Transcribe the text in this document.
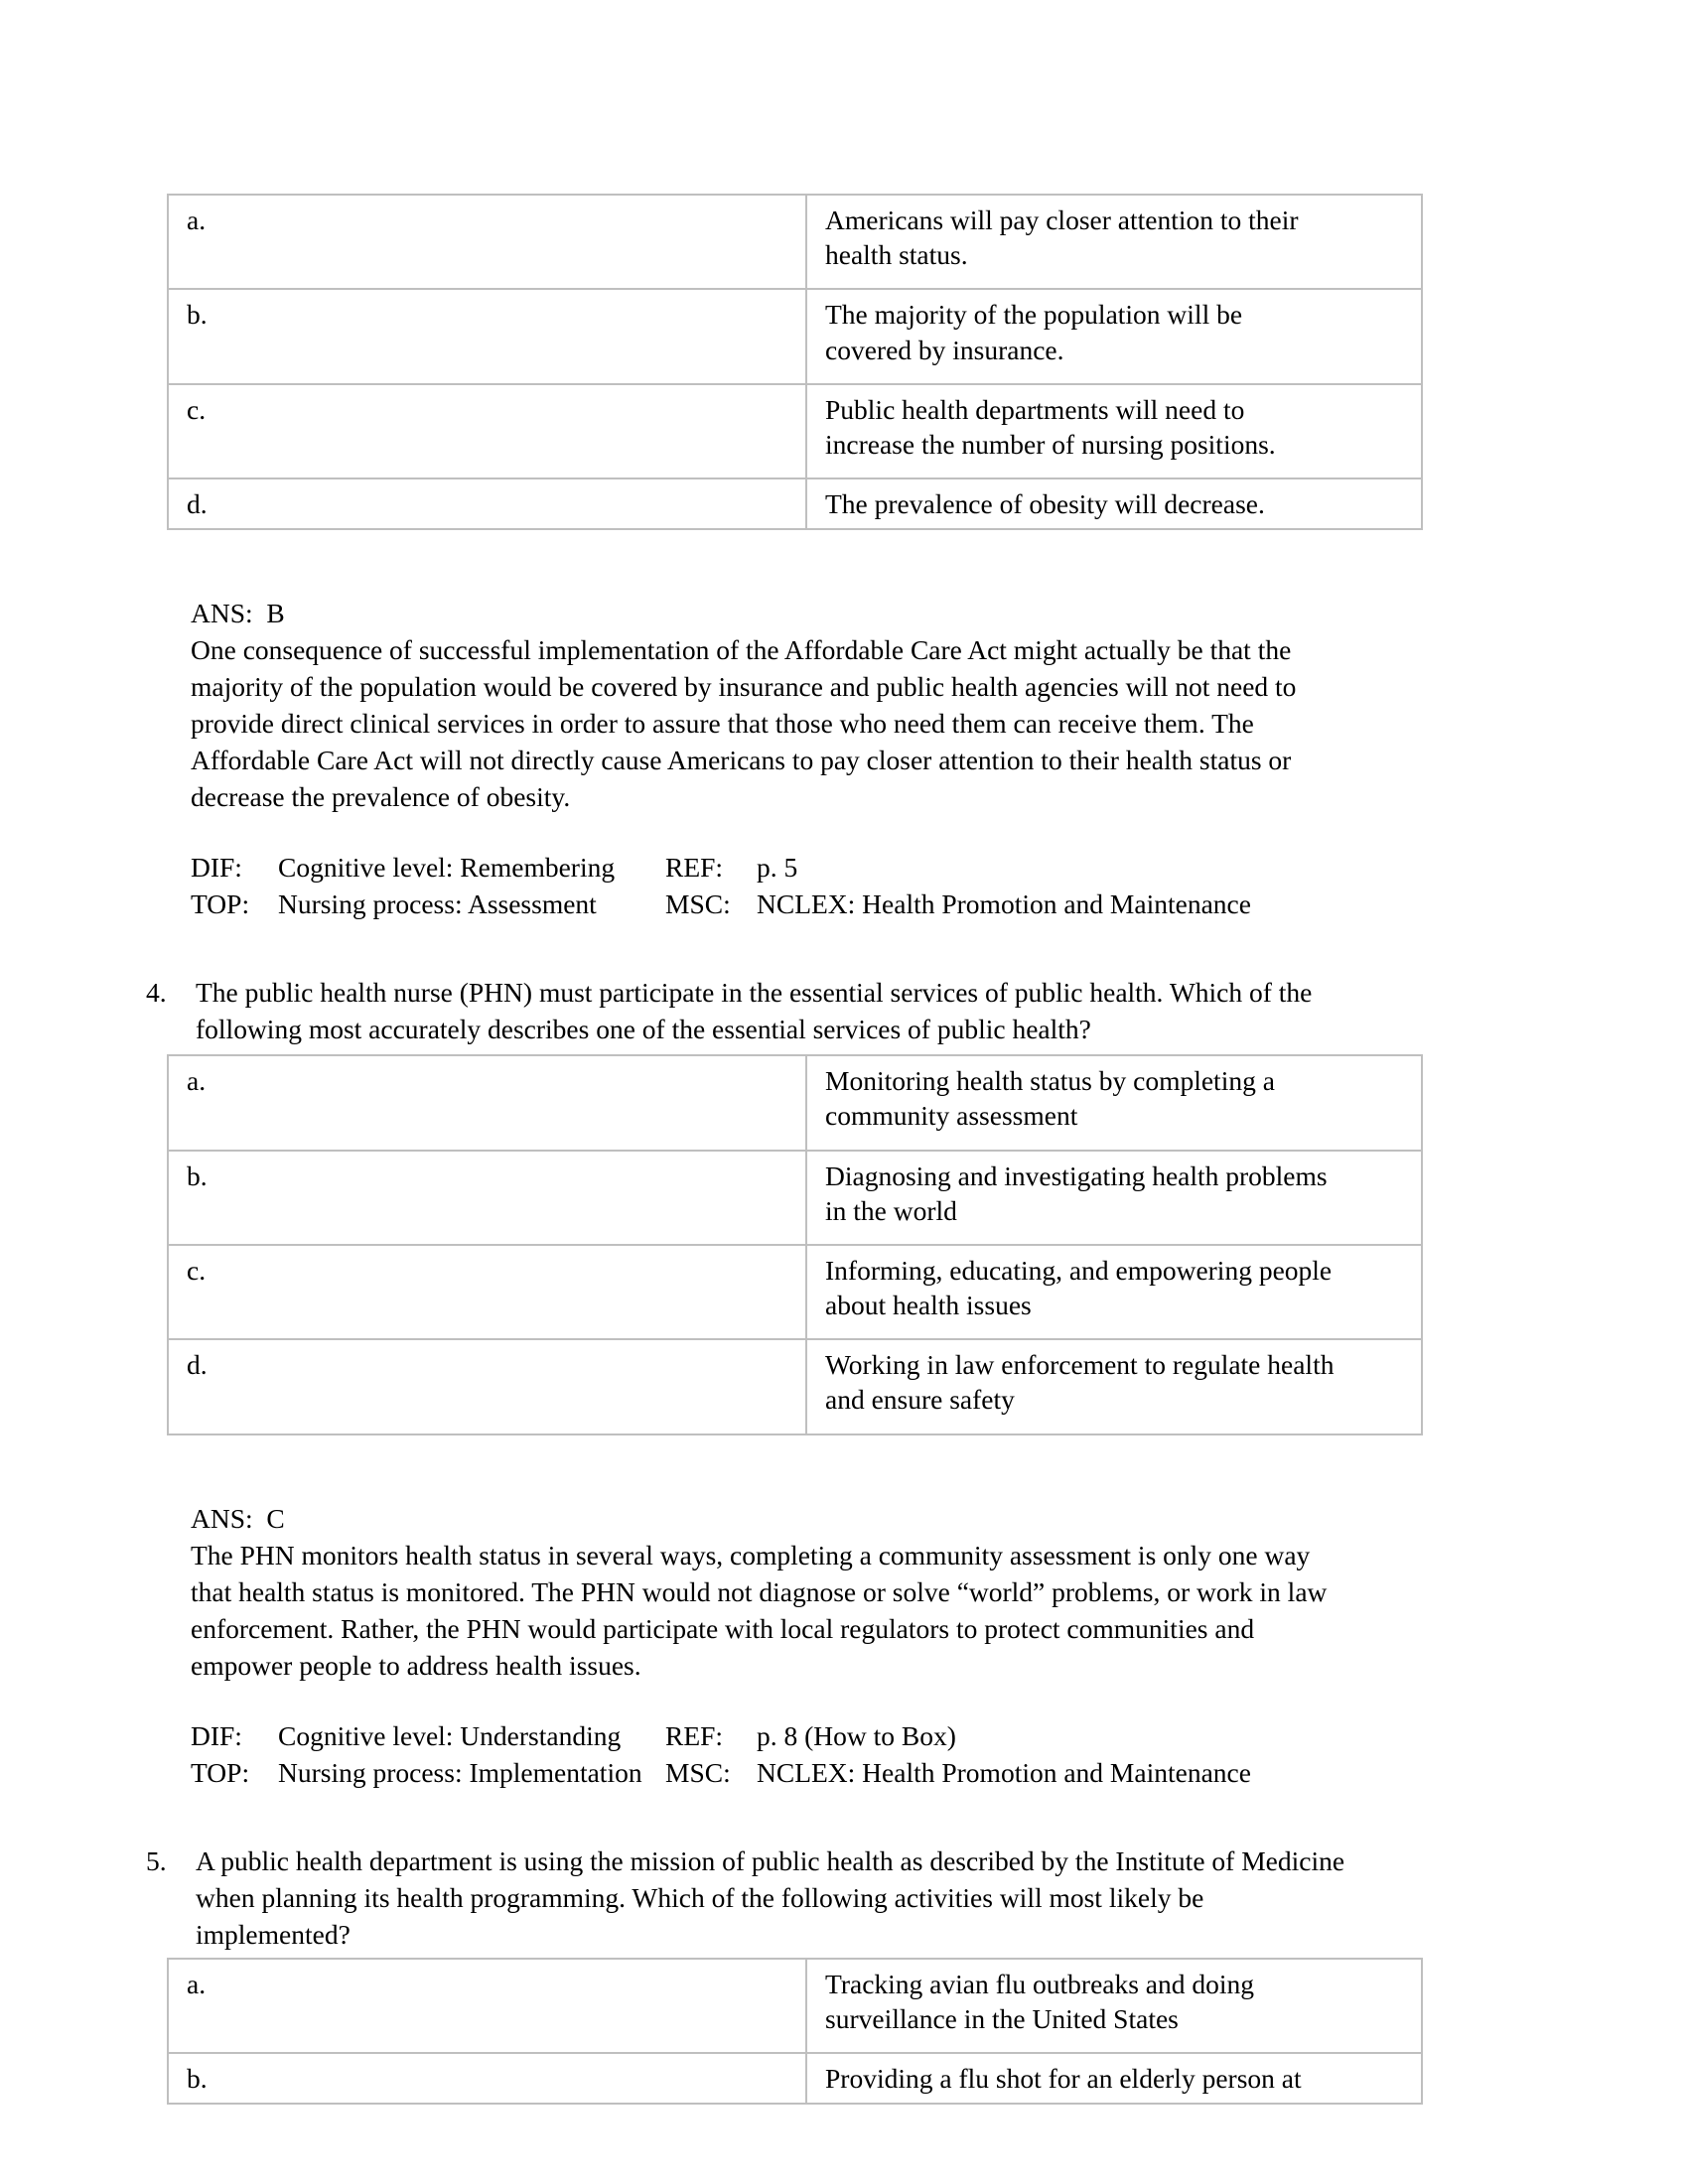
a.	Americans will pay closer attention to their
health status.

b.	The majority of the population will be
covered by insurance.

c.	Public health departments will need to
increase the number of nursing positions.

d.	The prevalence of obesity will decrease.
ANS:  B
One consequence of successful implementation of the Affordable Care Act might actually be that the
majority of the population would be covered by insurance and public health agencies will not need to
provide direct clinical services in order to assure that those who need them can receive them. The
Affordable Care Act will not directly cause Americans to pay closer attention to their health status or
decrease the prevalence of obesity.
DIF:	Cognitive level: Remembering	REF:	p. 5
TOP:	Nursing process: Assessment	MSC: NCLEX: Health Promotion and Maintenance
4.	The public health nurse (PHN) must participate in the essential services of public health. Which of the
following most accurately describes one of the essential services of public health?
a.	Monitoring health status by completing a
community assessment

b.	Diagnosing and investigating health problems
in the world

c.	Informing, educating, and empowering people
about health issues

d.	Working in law enforcement to regulate health
and ensure safety
ANS:  C
The PHN monitors health status in several ways, completing a community assessment is only one way
that health status is monitored. The PHN would not diagnose or solve “world” problems, or work in law
enforcement. Rather, the PHN would participate with local regulators to protect communities and
empower people to address health issues.
DIF:	Cognitive level: Understanding	REF:	p. 8 (How to Box)
TOP:	Nursing process: Implementation MSC: NCLEX: Health Promotion and Maintenance
5.	A public health department is using the mission of public health as described by the Institute of Medicine
when planning its health programming. Which of the following activities will most likely be
implemented?
a.	Tracking avian flu outbreaks and doing
surveillance in the United States

b.	Providing a flu shot for an elderly person at
